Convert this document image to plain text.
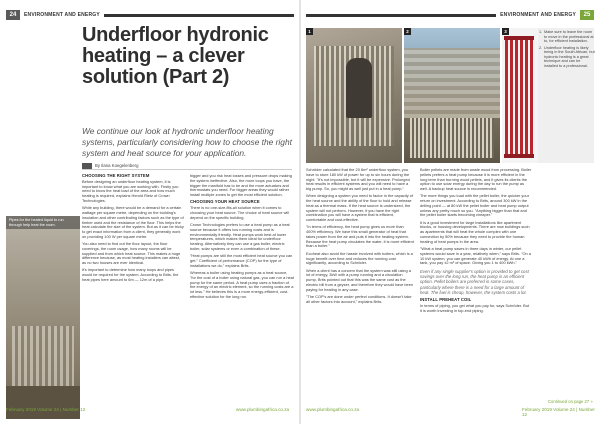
24	ENVIRONMENT AND ENERGY	ENVIRONMENT AND ENERGY	25
Underfloor hydronic heating – a clever solution (Part 2)
We continue our look at hydronic underfloor heating systems, particularly considering how to choose the right system and heat source for your application.
By Ilana Koegelenberg
Pipes for the heated liquid to run through help heat the room.

CHOOSING THE RIGHT SYSTEM

Before designing an underfloor heating system, it is important to know what you are working with. Firstly you need to know the heat load of the area and how much heating is required, explains Herold Rietz of Crown Technologies.

While any building, there would be a demand for a certain wattage per square metre, depending on the building's insulation and other contributing factors such as the type of timber used and the resistance of the floor. This helps the heat calculate the size of the system. But as it can be tricky to get exact information from a client, they generally work on providing 100 W per square metre.

You also need to find out the floor layout, the floor coverings, the room usage, how many rooms will be supplied and from which heat source. This makes a huge difference because, as most heating installers can attest, as no two houses are ever identical.

It's important to determine how many loops and pipes would be required for the system. According to Brits, the heat pipes here amount to 6m — 12m of a pipe.

bigger and you risk heat losses and pressure drops making the system ineffective. Also, the more loops you have, the bigger the manifold has to be and the more actuators and thermostats you need. For bigger areas they would rather install multiple zones to get the most efficient solution.

CHOOSING YOUR HEAT SOURCE

There is no one-size-fits-all solution when it comes to choosing your heat source. The choice of heat source will depend on the specific building.

Crown Technologies prefers to use a heat pump as a heat source because it offers low running costs and is environmentally friendly. Heat pumps work best at lower temperatures, which makes them ideal for underfloor heating. Alternatively they can use a gas boiler, electric boiler, solar systems or even a combination of these.

"Heat pumps are still the most efficient heat source you can get." Coefficient of performance (COP) for the type of installations we do," explains Brits.

Whereas a boiler using heating pumps as a heat source, "for the cost of a boiler using natural gas, you can run a heat pump for the same period. A heat pump uses a fraction of the energy of an electric element, so the running costs are a lot less." He believes this is a more energy-efficient, cost-effective solution for the long run.

Schröder calculated that the 20 8m² underfloor system, you have to store 180 kW of power for up to six hours during the night. "It's not impossible, but it will be expensive. Prolonged heat results in efficient systems and you will need to have a big pump. So, you might as well just put in a heat pump."

When designing a system you need to factor in the capacity of the heat source and the ability of the floor to hold and release heat as a thermal mass. If the heat source is undersized, the system will not perform. However, if you have the right combination you will have a system that is efficient, comfortable and cost-effective.

"In terms of efficiency, the heat pump gives us more than 400% efficiency. We have this small generator of heat that takes power from the air and puts it into the heating system. Because the heat pump circulates the water, it is more efficient than a boiler."

Ecoheat also avoid the hassle involved with boilers, which is a huge benefit over time and reduces the running cost significantly, according to Schröder.

When a client has a concern that the system was still using a lot of energy, 3kW with a pump running and a circulation pump, Brits pointed out that this was the same cost as the electric bill from a geyser, and therefore they would have been paying for heating in any case.

"The COP's are done under perfect conditions. It doesn't take all other factors into account," explains Brits.

Boiler pellets are made from waste wood from processing. Boiler pellets prefers a heat pump because it is more efficient in the long term than burning wood pellets, and it gives its clients the option to use solar energy during the day to run the pump as well. A backup heat source is recommended.

The more things you load with the pellet boiler, the quicker your return on investment. According to Brits, around 300 kW in the drilling point — at 80 kW the pellet boiler and heat pump output unless any pretty much so you. "Anything bigger than that and the pellet boiler starts becoming cheaper."

It is a good investment for large installations like apartment blocks, or housing developments. There are now buildings such as apartments that will heat the whole complex with one connection by 50% because they need to provide the human heating of heat pumps in the area.

"What a heat pump saves in three days in winter, our pellet systems would save in a year, relatively when," says Brits. "On a 10 kW system, you can generate 40 kWh of energy. At one a tank, you pay ±2 m³ of space. Giving you 1 to 400 kWh."

Even if any single supplier's option is provided to get cost savings over the long run, the heat pump is an efficient option. Pellet boilers are preferred in some cases, particularly where there is a need for a large amount of heat. The fuel is cheap, however, the system costs a lot.

INSTALL PREHEAT COIL

In terms of piping, you get what you pay for, says Schröder. But it is worth investing in top-end piping.

1	2	3	1. Make sure to leave the room to move in the professional at to, for efficient installation.
2. Underfloor heating is likely being in the South African, but hydronic heating is a great technique and can be installed to a professional.
February 2019 Volume 24 | Number 12	www.plumbingafrica.co.za	www.plumbingafrica.co.za	February 2019 Volume 24 | Number 12
Continued on page 27 »
